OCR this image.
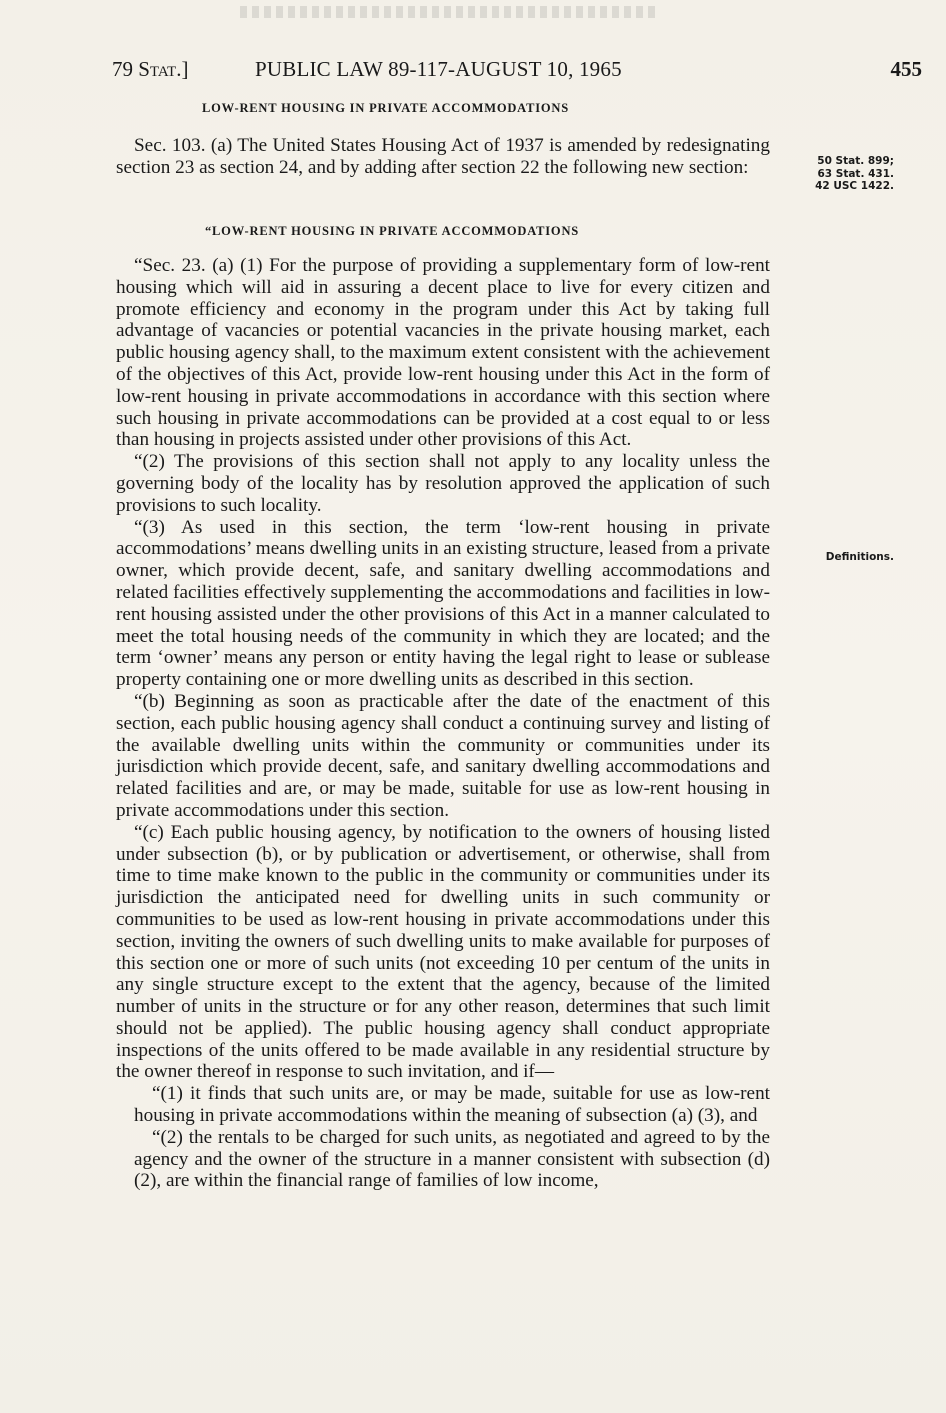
79 Stat.]	PUBLIC LAW 89-117-AUGUST 10, 1965	455
LOW-RENT HOUSING IN PRIVATE ACCOMMODATIONS

Sec. 103. (a) The United States Housing Act of 1937 is amended by redesignating section 23 as section 24, and by adding after section 22 the following new section:	50 Stat. 899;
63 Stat. 431.
42 USC 1422.
“LOW-RENT HOUSING IN PRIVATE ACCOMMODATIONS

“Sec. 23. (a) (1) For the purpose of providing a supplementary form of low-rent housing which will aid in assuring a decent place to live for every citizen and promote efficiency and economy in the program under this Act by taking full advantage of vacancies or potential vacancies in the private housing market, each public housing agency shall, to the maximum extent consistent with the achievement of the objectives of this Act, provide low-rent housing under this Act in the form of low-rent housing in private accommodations in accordance with this section where such housing in private accommodations can be provided at a cost equal to or less than housing in projects assisted under other provisions of this Act.

“(2) The provisions of this section shall not apply to any locality unless the governing body of the locality has by resolution approved the application of such provisions to such locality.

“(3) As used in this section, the term ‘low-rent housing in private accommodations’ means dwelling units in an existing structure, leased from a private owner, which provide decent, safe, and sanitary dwelling accommodations and related facilities effectively supplementing the accommodations and facilities in low-rent housing assisted under the other provisions of this Act in a manner calculated to meet the total housing needs of the community in which they are located; and the term ‘owner’ means any person or entity having the legal right to lease or sublease property containing one or more dwelling units as described in this section.

“(b) Beginning as soon as practicable after the date of the enactment of this section, each public housing agency shall conduct a continuing survey and listing of the available dwelling units within the community or communities under its jurisdiction which provide decent, safe, and sanitary dwelling accommodations and related facilities and are, or may be made, suitable for use as low-rent housing in private accommodations under this section.

“(c) Each public housing agency, by notification to the owners of housing listed under subsection (b), or by publication or advertisement, or otherwise, shall from time to time make known to the public in the community or communities under its jurisdiction the anticipated need for dwelling units in such community or communities to be used as low-rent housing in private accommodations under this section, inviting the owners of such dwelling units to make available for purposes of this section one or more of such units (not exceeding 10 per centum of the units in any single structure except to the extent that the agency, because of the limited number of units in the structure or for any other reason, determines that such limit should not be applied). The public housing agency shall conduct appropriate inspections of the units offered to be made available in any residential structure by the owner thereof in response to such invitation, and if—

“(1) it finds that such units are, or may be made, suitable for use as low-rent housing in private accommodations within the meaning of subsection (a) (3), and

“(2) the rentals to be charged for such units, as negotiated and agreed to by the agency and the owner of the structure in a manner consistent with subsection (d) (2), are within the financial range of families of low income,

Definitions.
